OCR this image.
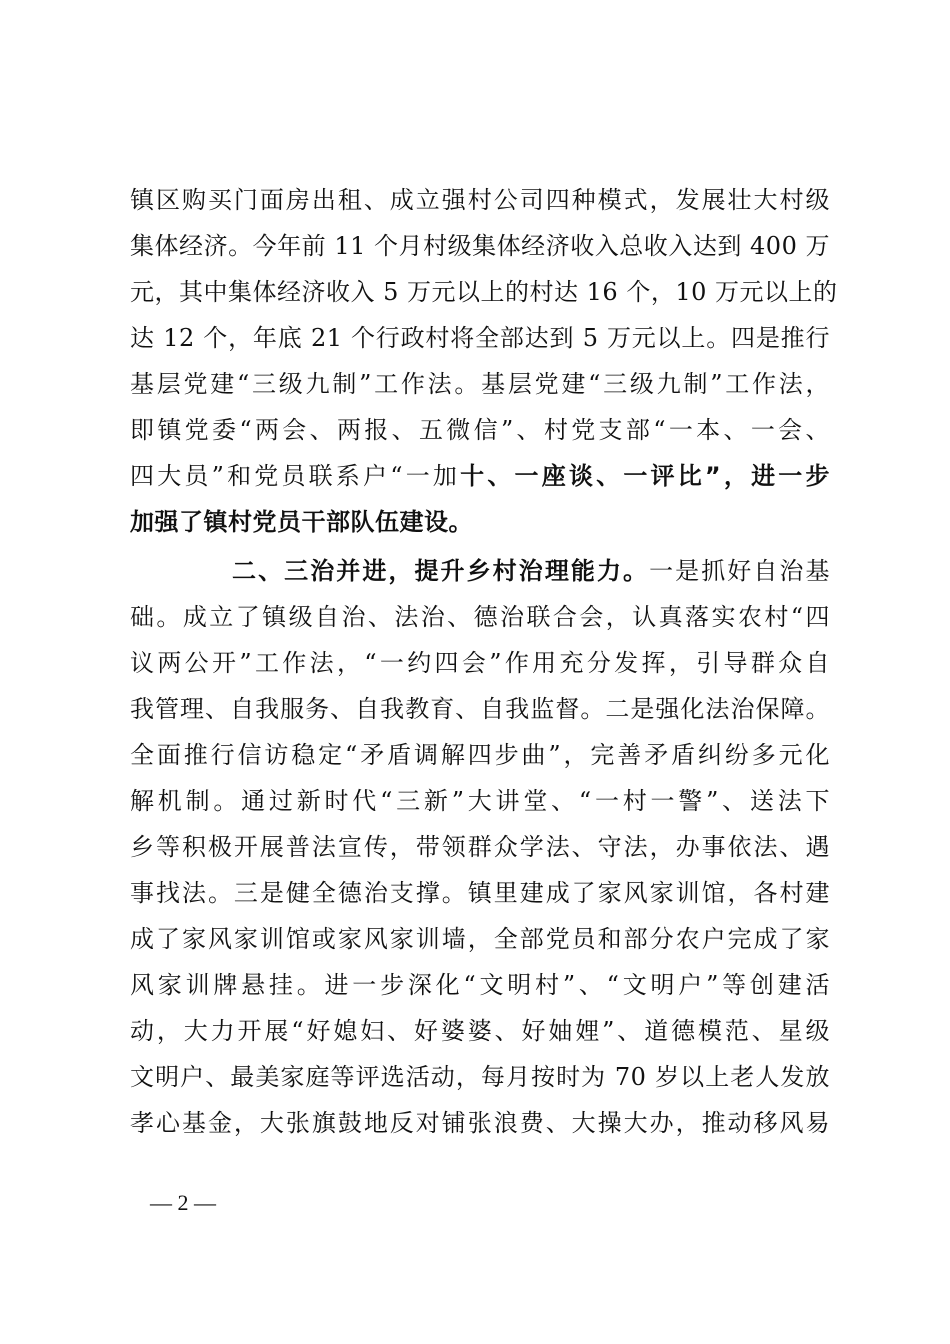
镇区购买门面房出租、成立强村公司四种模式，发展壮大村级
集体经济。今年前 11 个月村级集体经济收入总收入达到 400 万
元，其中集体经济收入 5 万元以上的村达 16 个，10 万元以上的
达 12 个，年底 21 个行政村将全部达到 5 万元以上。四是推行
基层党建“三级九制”工作法。基层党建“三级九制”工作法，
即镇党委“两会、两报、五微信”、村党支部“一本、一会、
四大员”和党员联系户“一加十、一座谈、一评比”，进一步
加强了镇村党员干部队伍建设。
二、三治并进，提升乡村治理能力。一是抓好自治基
础。成立了镇级自治、法治、德治联合会，认真落实农村“四
议两公开”工作法，“一约四会”作用充分发挥，引导群众自
我管理、自我服务、自我教育、自我监督。二是强化法治保障。
全面推行信访稳定“矛盾调解四步曲”，完善矛盾纠纷多元化
解机制。通过新时代“三新”大讲堂、“一村一警”、送法下
乡等积极开展普法宣传，带领群众学法、守法，办事依法、遇
事找法。三是健全德治支撑。镇里建成了家风家训馆，各村建
成了家风家训馆或家风家训墙，全部党员和部分农户完成了家
风家训牌悬挂。进一步深化“文明村”、“文明户”等创建活
动，大力开展“好媳妇、好婆婆、好妯娌”、道德模范、星级
文明户、最美家庭等评选活动，每月按时为 70 岁以上老人发放
孝心基金，大张旗鼓地反对铺张浪费、大操大办，推动移风易
— 2 —
